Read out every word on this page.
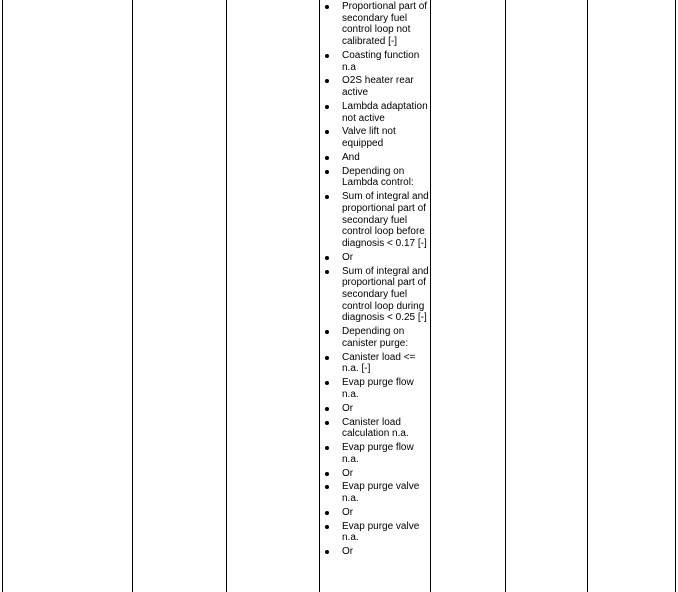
Proportional part of secondary fuel control loop not calibrated [-]
Coasting function n.a
O2S heater rear active
Lambda adaptation not active
Valve lift not equipped
And
Depending on Lambda control:
Sum of integral and proportional part of secondary fuel control loop before diagnosis < 0.17 [-]
Or
Sum of integral and proportional part of secondary fuel control loop during diagnosis < 0.25 [-]
Depending on canister purge:
Canister load <= n.a. [-]
Evap purge flow n.a.
Or
Canister load calculation n.a.
Evap purge flow n.a.
Or
Evap purge valve n.a.
Or
Evap purge valve n.a.
Or
